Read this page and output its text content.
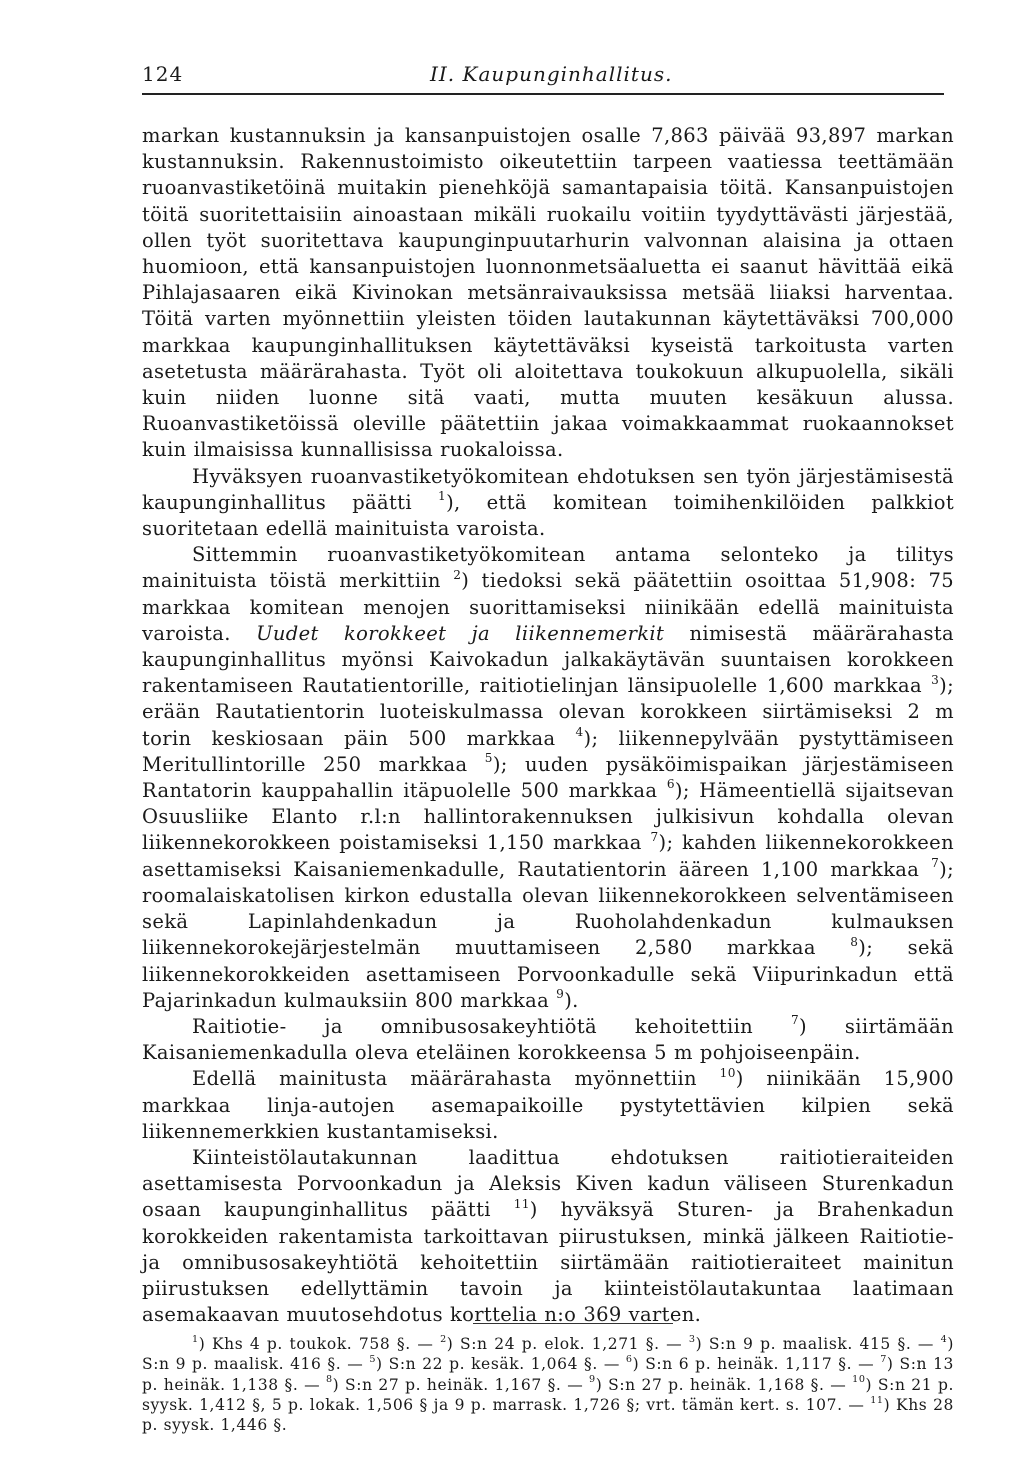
124	II. Kaupunginhallitus.

markan kustannuksin ja kansanpuistojen osalle 7,863 päivää 93,897 markan kustannuksin. Rakennustoimisto oikeutettiin tarpeen vaatiessa teettämään ruoanvastiketöinä muitakin pienehköjä samantapaisia töitä. Kansanpuistojen töitä suoritettaisiin ainoastaan mikäli ruokailu voitiin tyydyttävästi järjestää, ollen työt suoritettava kaupunginpuutarhurin valvonnan alaisina ja ottaen huomioon, että kansanpuistojen luonnonmetsäaluetta ei saanut hävittää eikä Pihlajasaaren eikä Kivinokan metsänraivauksissa metsää liiaksi harventaa. Töitä varten myönnettiin yleisten töiden lautakunnan käytettäväksi 700,000 markkaa kaupunginhallituksen käytettäväksi kyseistä tarkoitusta varten asetetusta määrärahasta. Työt oli aloitettava toukokuun alkupuolella, sikäli kuin niiden luonne sitä vaati, mutta muuten kesäkuun alussa. Ruoanvastiketöissä oleville päätettiin jakaa voimakkaammat ruokaannokset kuin ilmaisissa kunnallisissa ruokaloissa.

Hyväksyen ruoanvastiketyökomitean ehdotuksen sen työn järjestämisestä kaupunginhallitus päätti $^1$), että komitean toimihenkilöiden palkkiot suoritetaan edellä mainituista varoista.

Sittemmin ruoanvastiketyökomitean antama selonteko ja tilitys mainituista töistä merkittiin $^2$) tiedoksi sekä päätettiin osoittaa 51,908: 75 markkaa komitean menojen suorittamiseksi niinikään edellä mainituista varoista. Uudet korokkeet ja liikennemerkit nimisestä määrärahasta kaupunginhallitus myönsi Kaivokadun jalkakäytävän suuntaisen korokkeen rakentamiseen Rautatientorille, raitiotielinjan länsipuolelle 1,600 markkaa $^3$); erään Rautatientorin luoteiskulmassa olevan korokkeen siirtämiseksi 2 m torin keskiosaan päin 500 markkaa $^4$); liikennepylvään pystyttämiseen Meritullintorille 250 markkaa $^5$); uuden pysäköimispaikan järjestämiseen Rantatorin kauppahallin itäpuolelle 500 markkaa $^6$); Hämeentiellä sijaitsevan Osuusliike Elanto r.l:n hallintorakennuksen julkisivun kohdalla olevan liikennekorokkeen poistamiseksi 1,150 markkaa $^7$); kahden liikennekorokkeen asettamiseksi Kaisaniemenkadulle, Rautatientorin ääreen 1,100 markkaa $^7$); roomalaiskatolisen kirkon edustalla olevan liikennekorokkeen selventämiseen sekä Lapinlahdenkadun ja Ruoholahdenkadun kulmauksen liikennekorokejärjestelmän muuttamiseen 2,580 markkaa $^8$); sekä liikennekorokkeiden asettamiseen Porvoonkadulle sekä Viipurinkadun että Pajarinkadun kulmauksiin 800 markkaa $^9$).

Raitiotie- ja omnibusosakeyhtiötä kehoitettiin $^7$) siirtämään Kaisaniemenkadulla oleva eteläinen korokkeensa 5 m pohjoiseenpäin.

Edellä mainitusta määrärahasta myönnettiin $^{10}$) niinikään 15,900 markkaa linja-autojen asemapaikoille pystytettävien kilpien sekä liikennemerkkien kustantamiseksi.

Kiinteistölautakunnan laadittua ehdotuksen raitiotieraiteiden asettamisesta Porvoonkadun ja Aleksis Kiven kadun väliseen Sturenkadun osaan kaupunginhallitus päätti $^{11}$) hyväksyä Sturen- ja Brahenkadun korokkeiden rakentamista tarkoittavan piirustuksen, minkä jälkeen Raitiotie- ja omnibusosakeyhtiötä kehoitettiin siirtämään raitiotieraiteet mainitun piirustuksen edellyttämin tavoin ja kiinteistölautakuntaa laatimaan asemakaavan muutosehdotus korttelia n:o 369 varten.

$^1$) Khs 4 p. toukok. 758 §. — $^2$) S:n 24 p. elok. 1,271 §. — $^3$) S:n 9 p. maalisk. 415 §. — $^4$) S:n 9 p. maalisk. 416 §. — $^5$) S:n 22 p. kesäk. 1,064 §. — $^6$) S:n 6 p. heinäk. 1,117 §. — $^7$) S:n 13 p. heinäk. 1,138 §. — $^8$) S:n 27 p. heinäk. 1,167 §. — $^9$) S:n 27 p. heinäk. 1,168 §. — $^{10}$) S:n 21 p. syysk. 1,412 §, 5 p. lokak. 1,506 § ja 9 p. marrask. 1,726 §; vrt. tämän kert. s. 107. — $^{11}$) Khs 28 p. syysk. 1,446 §.
